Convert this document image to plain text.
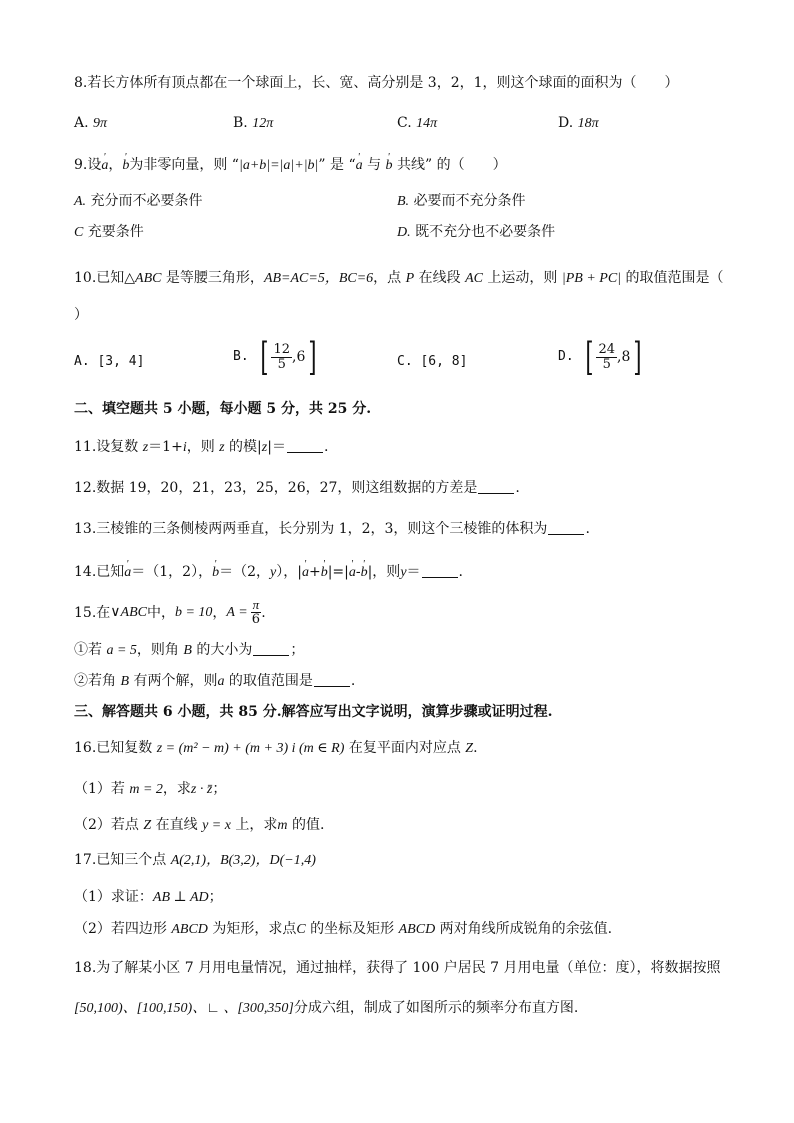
8.若长方体所有顶点都在一个球面上，长、宽、高分别是 3，2，1，则这个球面的面积为（　　）
A. 9π	B. 12π	C. 14π	D. 18π
9.设' a，' b为非零向量，则 “|a+b|=|a|+|b|” 是 “' a 与 ' b 共线” 的（　　）
A. 充分而不必要条件	B. 必要而不充分条件
C 充要条件	D. 既不充分也不必要条件
10.已知△ABC 是等腰三角形，AB=AC=5，BC=6，点 P 在线段 AC 上运动，则 |PB + PC| 的取值范围是（
）
A. [3, 4]	B. [ $\frac{12}{5} ,6$ ]	C. [6, 8]	D. [ $\frac{24}{5} ,8$ ]
二、填空题共 5 小题，每小题 5 分，共 25 分.
11.设复数 z＝1+i，则 z 的模|z|＝	.
12.数据 19，20，21，23，25，26，27，则这组数据的方差是	.
13.三棱锥的三条侧棱两两垂直，长分别为 1，2，3，则这个三棱锥的体积为	.
14.已知' a＝（1，2），' b＝（2，y），|' a+' b|=|' a-' b|，则y＝	.
15.在 ∨ABC 中， b = 10 ， $A = \frac{\pi}{6}$ .
①若 a = 5，则角 B 的大小为	；
②若角 B 有两个解，则a 的取值范围是	.
三、解答题共 6 小题，共 85 分.解答应写出文字说明，演算步骤或证明过程.
16.已知复数 z = (m² − m) + (m + 3) i (m ∈ R) 在复平面内对应点 Z.
（1）若 m = 2，求z · z̄；
（2）若点 Z 在直线 y = x 上，求m 的值.
17.已知三个点 A(2,1)，B(3,2)，D(−1,4)
（1）求证：AB ⊥ AD；
（2）若四边形 ABCD 为矩形，求点C 的坐标及矩形 ABCD 两对角线所成锐角的余弦值.
18.为了解某小区 7 月用电量情况，通过抽样，获得了 100 户居民 7 月用电量（单位：度），将数据按照
[50,100)、[100,150)、∟ 、[300,350]分成六组，制成了如图所示的频率分布直方图.
